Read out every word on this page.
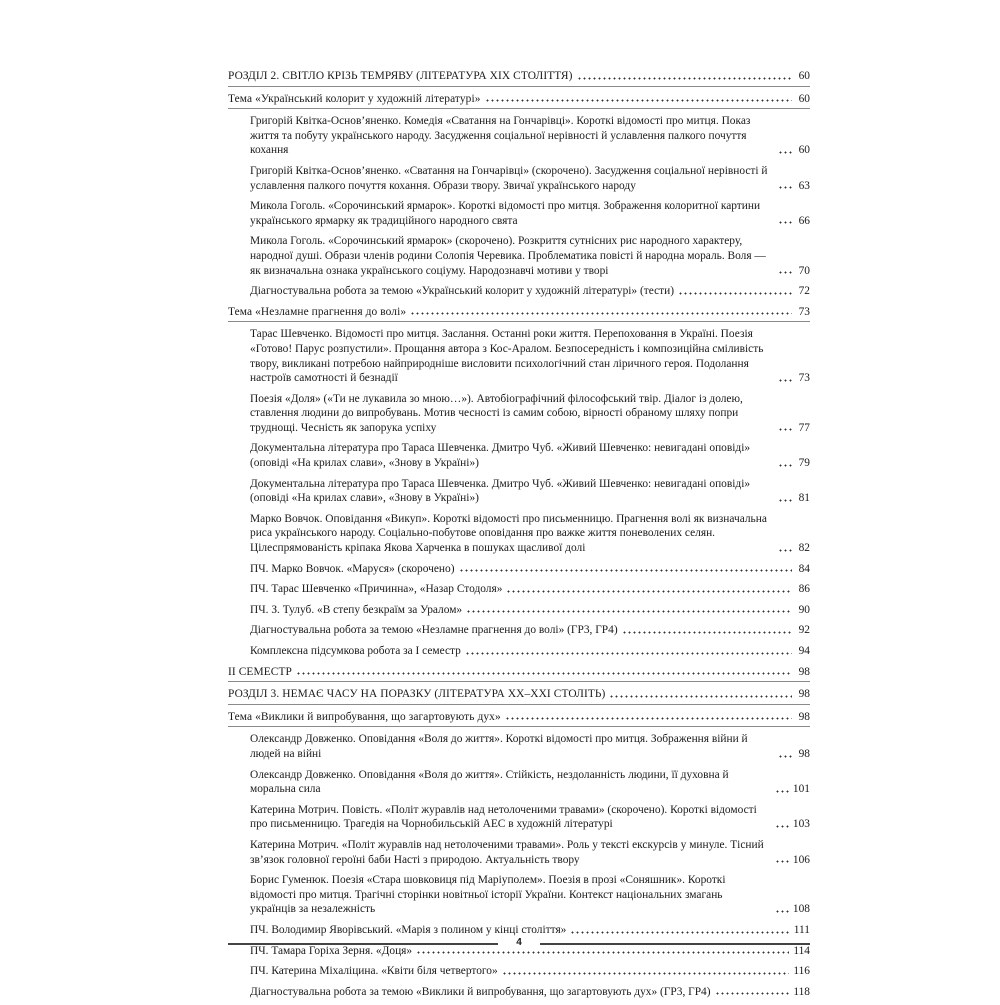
РОЗДІЛ 2. СВІТЛО КРІЗЬ ТЕМРЯВУ (ЛІТЕРАТУРА XIX СТОЛІТТЯ)	60
Тема «Український колорит у художній літературі»	60
Григорій Квітка-Основ’яненко. Комедія «Сватання на Гончарівці». Короткі відомості про митця. Показ життя та побуту українського народу. Засудження соціальної нерівності й уславлення палкого почуття кохання	60
Григорій Квітка-Основ’яненко. «Сватання на Гончарівці» (скорочено). Засудження соціальної нерівності й уславлення палкого почуття кохання. Образи твору. Звичаї українського народу	63
Микола Гоголь. «Сорочинський ярмарок». Короткі відомості про митця. Зображення колоритної картини українського ярмарку як традиційного народного свята	66
Микола Гоголь. «Сорочинський ярмарок» (скорочено). Розкриття сутнісних рис народного характеру, народної душі. Образи членів родини Солопія Черевика. Проблематика повісті й народна мораль. Воля — як визначальна ознака українського соціуму. Народознавчі мотиви у творі	70
Діагностувальна робота за темою «Український колорит у художній літературі» (тести)	72
Тема «Незламне прагнення до волі»	73
Тарас Шевченко. Відомості про митця. Заслання. Останні роки життя. Перепоховання в Україні. Поезія «Готово! Парус розпустили». Прощання автора з Кос-Аралом. Безпосередність і композиційна сміливість твору, викликані потребою найприродніше висловити психологічний стан ліричного героя. Подолання настроїв самотності й безнадії	73
Поезія «Доля» («Ти не лукавила зо мною…»). Автобіографічний філософський твір. Діалог із долею, ставлення людини до випробувань. Мотив чесності із самим собою, вірності обраному шляху попри труднощі. Чесність як запорука успіху	77
Документальна література про Тараса Шевченка. Дмитро Чуб. «Живий Шевченко: невигадані оповіді» (оповіді «На крилах слави», «Знову в Україні»)	79
Документальна література про Тараса Шевченка. Дмитро Чуб. «Живий Шевченко: невигадані оповіді» (оповіді «На крилах слави», «Знову в Україні»)	81
Марко Вовчок. Оповідання «Викуп». Короткі відомості про письменницю. Прагнення волі як визначальна риса українського народу. Соціально-побутове оповідання про важке життя поневолених селян. Цілеспрямованість кріпака Якова Харченка в пошуках щасливої долі	82
ПЧ. Марко Вовчок. «Маруся» (скорочено)	84
ПЧ. Тарас Шевченко «Причинна», «Назар Стодоля»	86
ПЧ. З. Тулуб. «В степу безкраїм за Уралом»	90
Діагностувальна робота за темою «Незламне прагнення до волі» (ГР3, ГР4)	92
Комплексна підсумкова робота за І семестр	94
ІІ СЕМЕСТР	98
РОЗДІЛ 3. НЕМАЄ ЧАСУ НА ПОРАЗКУ (ЛІТЕРАТУРА XX–XXI СТОЛІТЬ)	98
Тема «Виклики й випробування, що загартовують дух»	98
Олександр Довженко. Оповідання «Воля до життя». Короткі відомості про митця. Зображення війни й людей на війні	98
Олександр Довженко. Оповідання «Воля до життя». Стійкість, нездоланність людини, її духовна й моральна сила	101
Катерина Мотрич. Повість. «Політ журавлів над нетолоченими травами» (скорочено). Короткі відомості про письменницю. Трагедія на Чорнобильській АЕС в художній літературі	103
Катерина Мотрич. «Політ журавлів над нетолоченими травами». Роль у тексті екскурсів у минуле. Тісний зв’язок головної героїні баби Насті з природою. Актуальність твору	106
Борис Гуменюк. Поезія «Стара шовковиця під Маріуполем». Поезія в прозі «Соняшник». Короткі відомості про митця. Трагічні сторінки новітньої історії України. Контекст національних змагань українців за незалежність	108
ПЧ. Володимир Яворівський. «Марія з полином у кінці століття»	111
ПЧ. Тамара Горіха Зерня. «Доця»	114
ПЧ. Катерина Міхаліцина. «Квіти біля четвертого»	116
Діагностувальна робота за темою «Виклики й випробування, що загартовують дух» (ГР3, ГР4)	118
4
